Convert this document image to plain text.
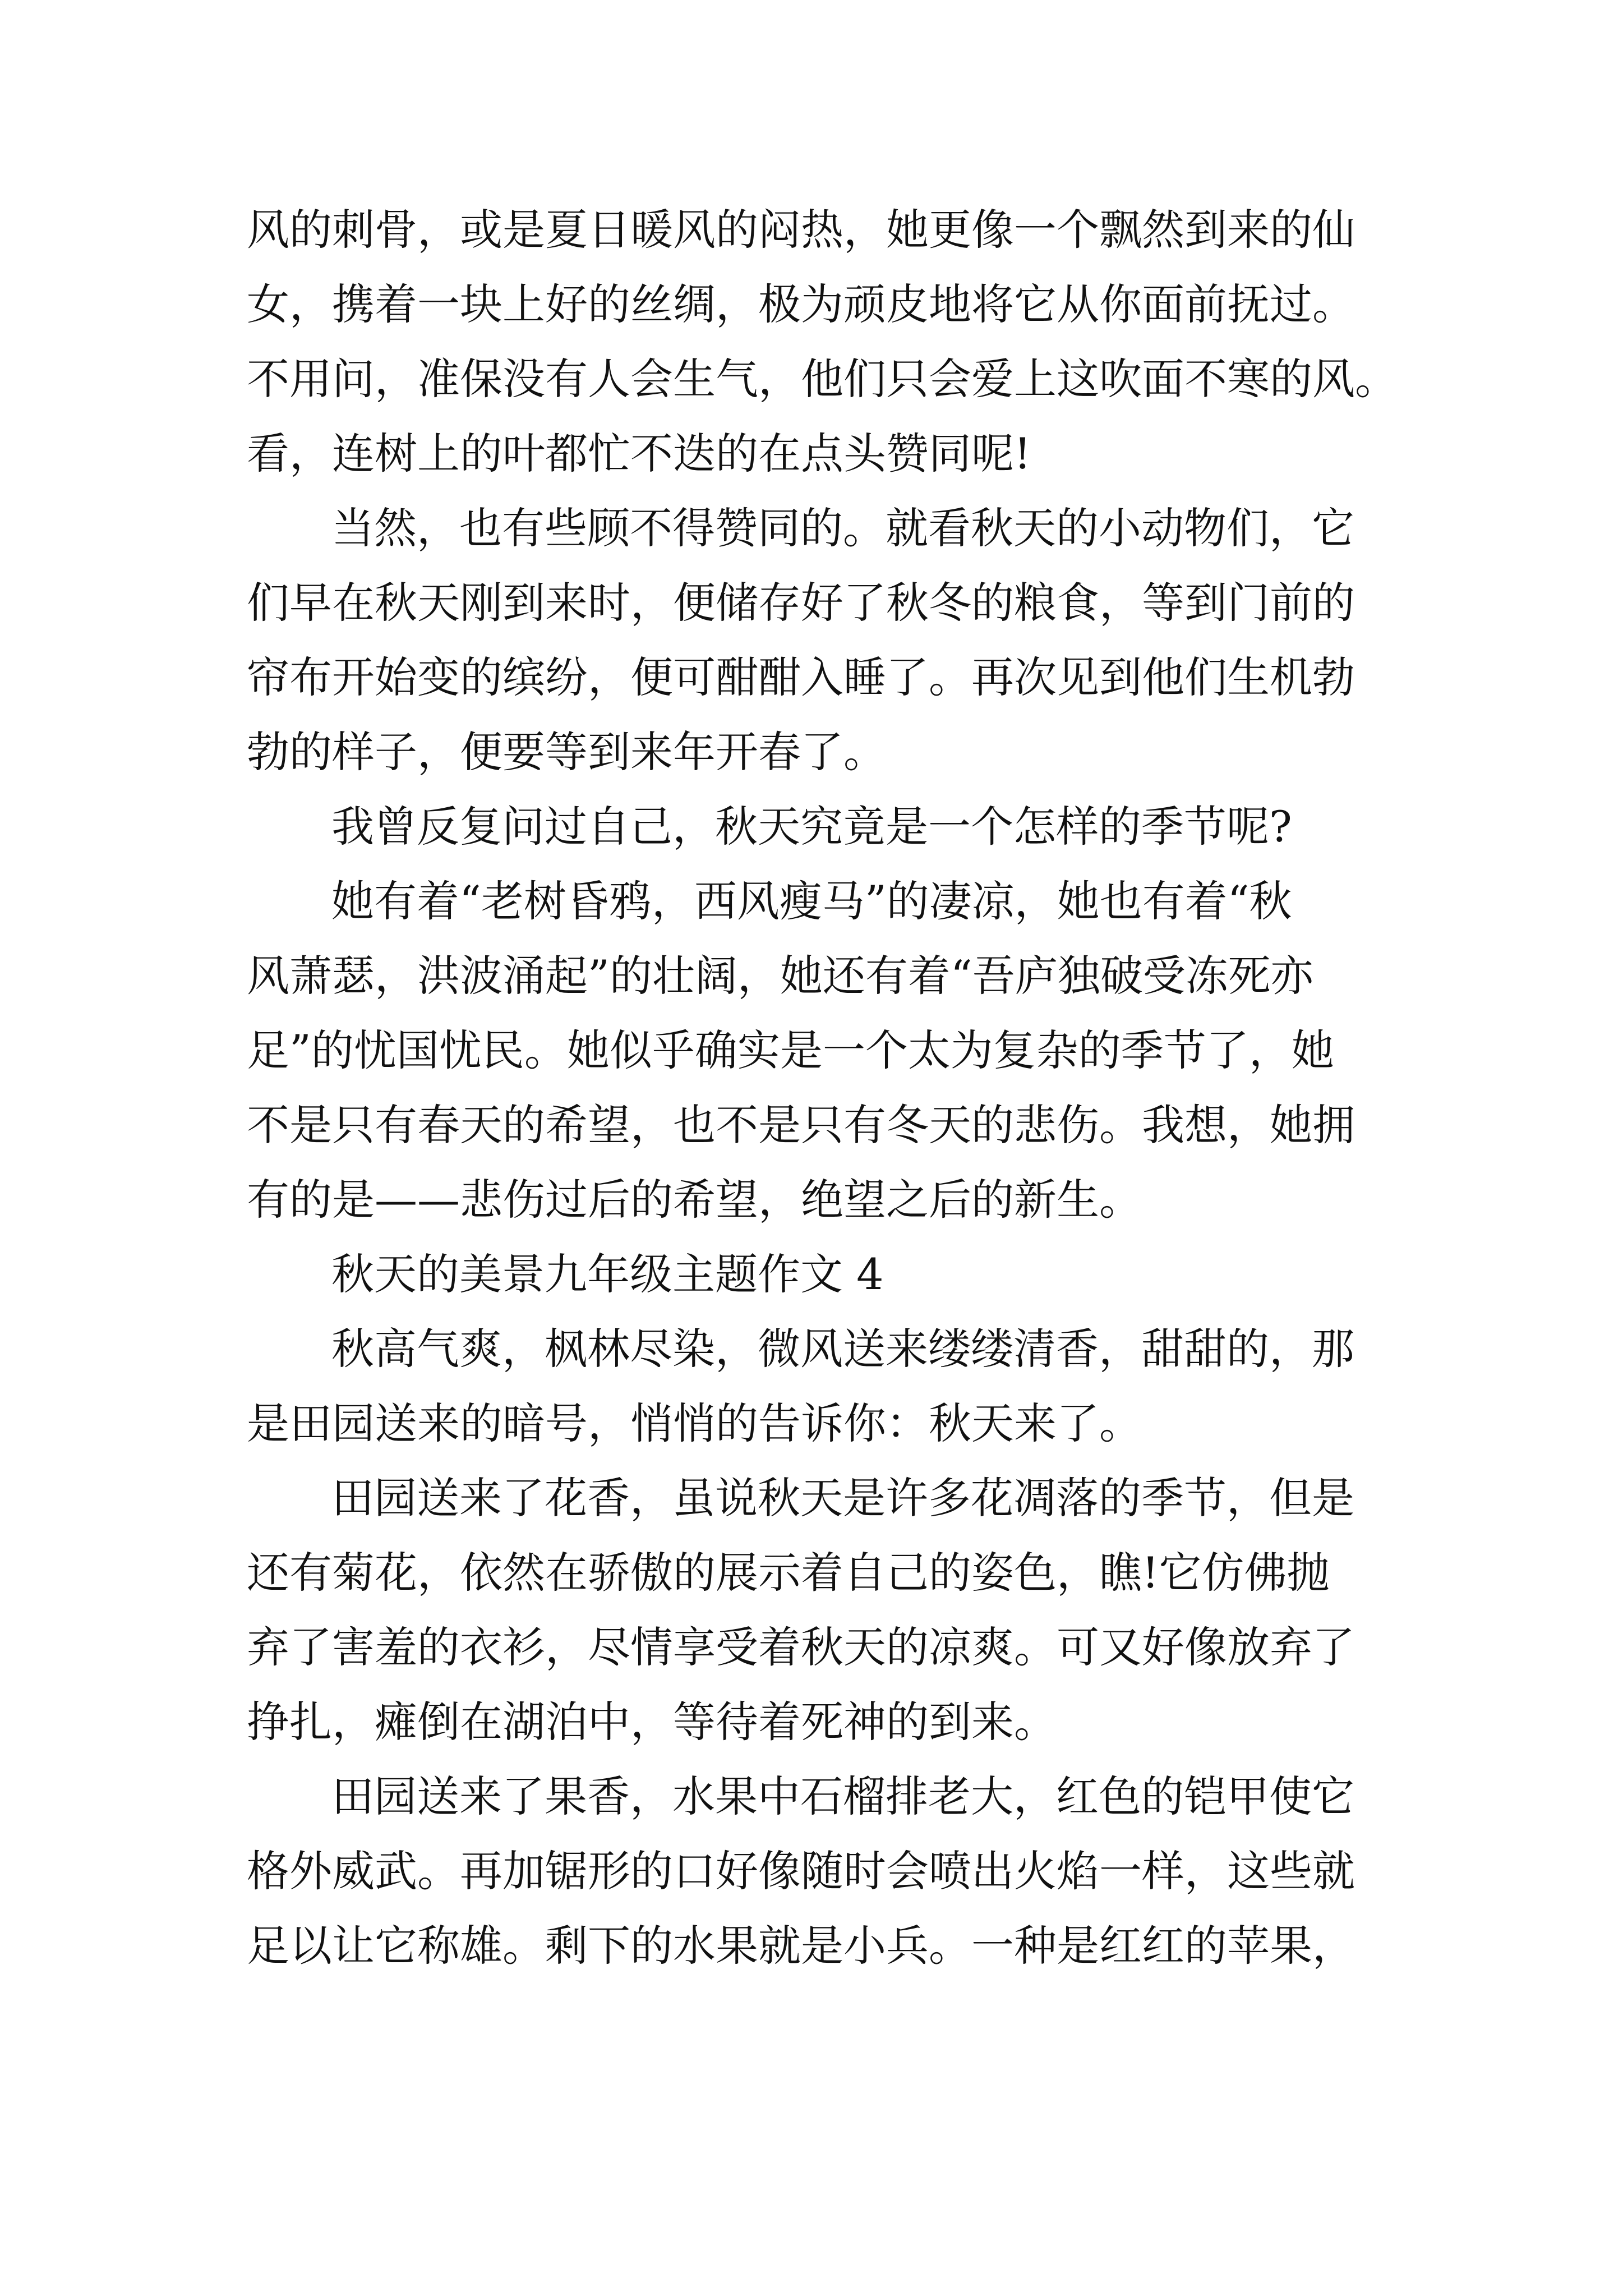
风的刺骨，或是夏日暖风的闷热，她更像一个飘然到来的仙
女，携着一块上好的丝绸，极为顽皮地将它从你面前抚过。
不用问，准保没有人会生气，他们只会爱上这吹面不寒的风。
看，连树上的叶都忙不迭的在点头赞同呢!
当然，也有些顾不得赞同的。就看秋天的小动物们，它
们早在秋天刚到来时，便储存好了秋冬的粮食，等到门前的
帘布开始变的缤纷，便可酣酣入睡了。再次见到他们生机勃
勃的样子，便要等到来年开春了。
我曾反复问过自己，秋天究竟是一个怎样的季节呢?
她有着“老树昏鸦，西风瘦马”的凄凉，她也有着“秋
风萧瑟，洪波涌起”的壮阔，她还有着“吾庐独破受冻死亦
足”的忧国忧民。她似乎确实是一个太为复杂的季节了，她
不是只有春天的希望，也不是只有冬天的悲伤。我想，她拥
有的是——悲伤过后的希望，绝望之后的新生。
秋天的美景九年级主题作文 4
秋高气爽，枫林尽染，微风送来缕缕清香，甜甜的，那
是田园送来的暗号，悄悄的告诉你：秋天来了。
田园送来了花香，虽说秋天是许多花凋落的季节，但是
还有菊花，依然在骄傲的展示着自己的姿色，瞧!它仿佛抛
弃了害羞的衣衫，尽情享受着秋天的凉爽。可又好像放弃了
挣扎，瘫倒在湖泊中，等待着死神的到来。
田园送来了果香，水果中石榴排老大，红色的铠甲使它
格外威武。再加锯形的口好像随时会喷出火焰一样，这些就
足以让它称雄。剩下的水果就是小兵。一种是红红的苹果，
